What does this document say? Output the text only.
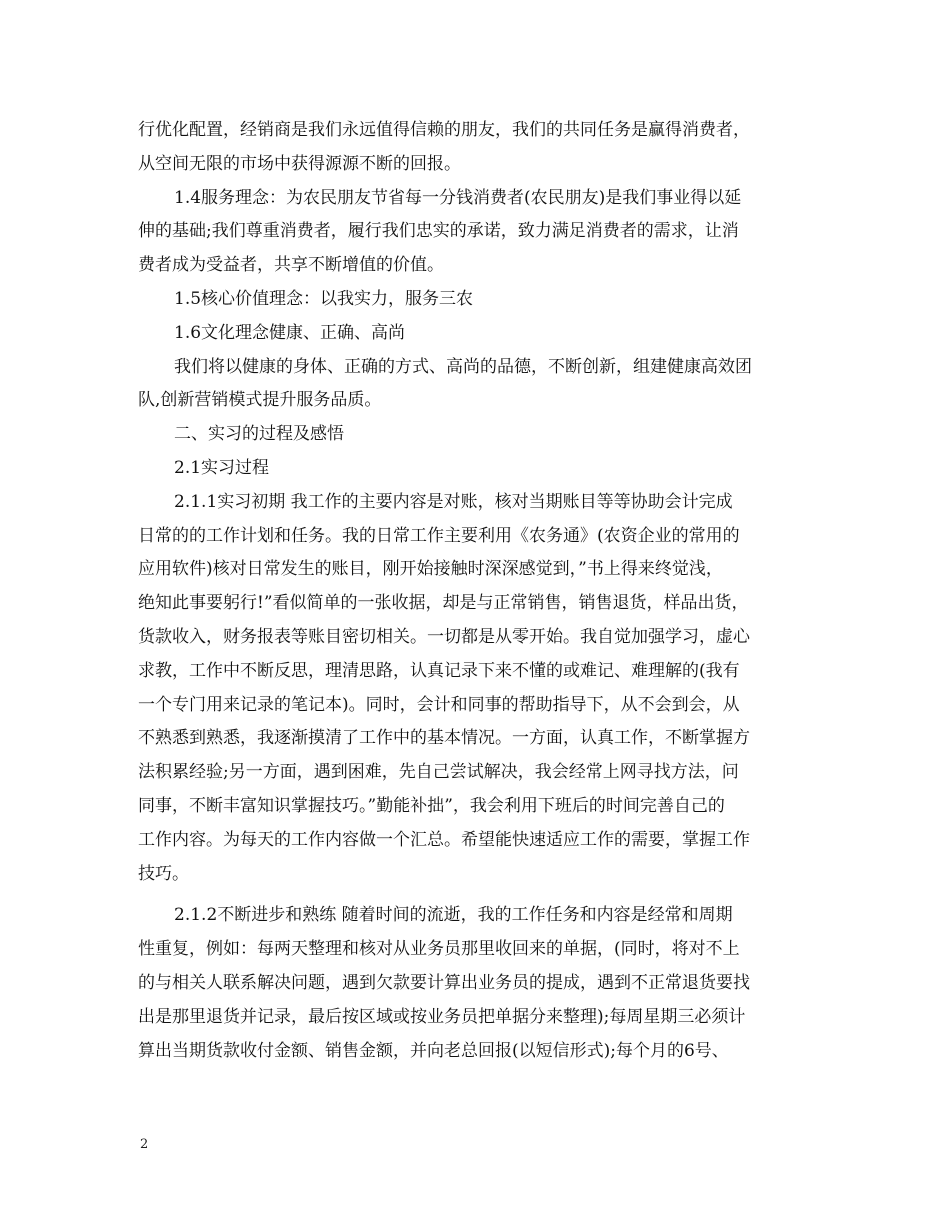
行优化配置，经销商是我们永远值得信赖的朋友，我们的共同任务是赢得消费者，
从空间无限的市场中获得源源不断的回报。

1.4服务理念：为农民朋友节省每一分钱消费者(农民朋友)是我们事业得以延
伸的基础;我们尊重消费者，履行我们忠实的承诺，致力满足消费者的需求，让消
费者成为受益者，共享不断增值的价值。

1.5核心价值理念：以我实力，服务三农

1.6文化理念健康、正确、高尚

我们将以健康的身体、正确的方式、高尚的品德，不断创新，组建健康高效团
队,创新营销模式提升服务品质。

二、实习的过程及感悟

2.1实习过程

2.1.1实习初期 我工作的主要内容是对账，核对当期账目等等协助会计完成
日常的的工作计划和任务。我的日常工作主要利用《农务通》(农资企业的常用的
应用软件)核对日常发生的账目，刚开始接触时深深感觉到，”书上得来终觉浅，
绝知此事要躬行!”看似简单的一张收据，却是与正常销售，销售退货，样品出货，
货款收入，财务报表等账目密切相关。一切都是从零开始。我自觉加强学习，虚心
求教，工作中不断反思，理清思路，认真记录下来不懂的或难记、难理解的(我有
一个专门用来记录的笔记本)。同时，会计和同事的帮助指导下，从不会到会，从
不熟悉到熟悉，我逐渐摸清了工作中的基本情况。一方面，认真工作，不断掌握方
法积累经验;另一方面，遇到困难，先自己尝试解决，我会经常上网寻找方法，问
同事，不断丰富知识掌握技巧。”勤能补拙”，我会利用下班后的时间完善自己的
工作内容。为每天的工作内容做一个汇总。希望能快速适应工作的需要，掌握工作
技巧。

2.1.2不断进步和熟练 随着时间的流逝，我的工作任务和内容是经常和周期
性重复，例如：每两天整理和核对从业务员那里收回来的单据，(同时，将对不上
的与相关人联系解决问题，遇到欠款要计算出业务员的提成，遇到不正常退货要找
出是那里退货并记录，最后按区域或按业务员把单据分来整理);每周星期三必须计
算出当期货款收付金额、销售金额，并向老总回报(以短信形式);每个月的6号、

2
